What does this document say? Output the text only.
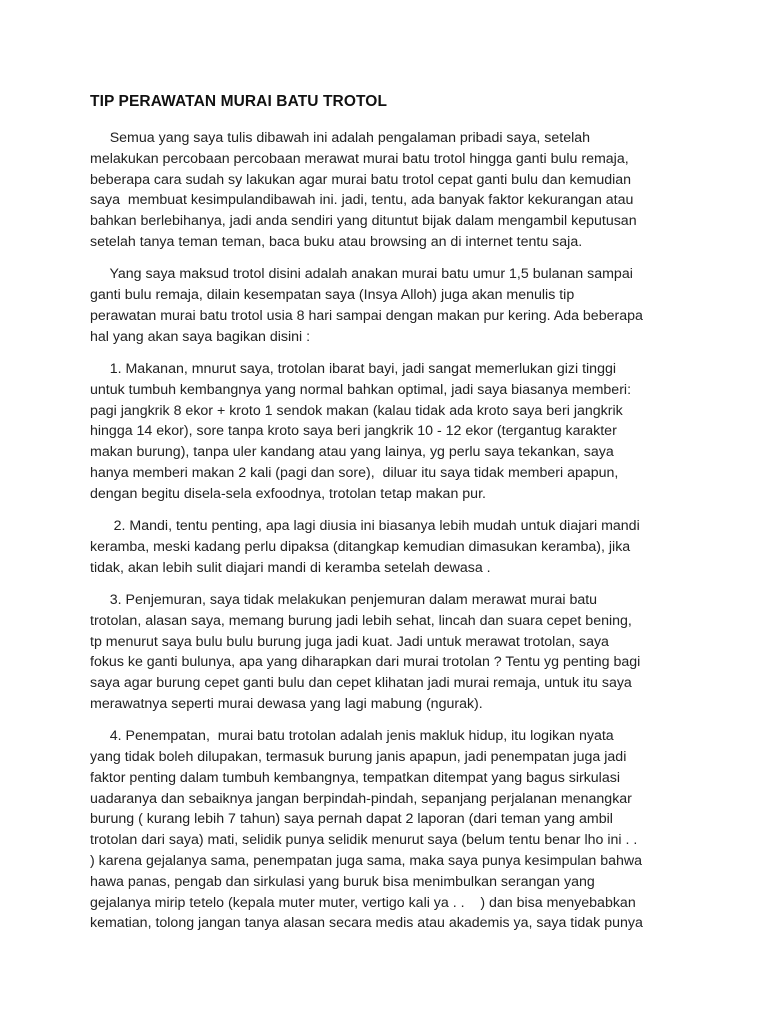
TIP PERAWATAN MURAI BATU TROTOL
Semua yang saya tulis dibawah ini adalah pengalaman pribadi saya, setelah
melakukan percobaan percobaan merawat murai batu trotol hingga ganti bulu remaja,
beberapa cara sudah sy lakukan agar murai batu trotol cepat ganti bulu dan kemudian
saya  membuat kesimpulandibawah ini. jadi, tentu, ada banyak faktor kekurangan atau
bahkan berlebihanya, jadi anda sendiri yang dituntut bijak dalam mengambil keputusan
setelah tanya teman teman, baca buku atau browsing an di internet tentu saja.
Yang saya maksud trotol disini adalah anakan murai batu umur 1,5 bulanan sampai
ganti bulu remaja, dilain kesempatan saya (Insya Alloh) juga akan menulis tip
perawatan murai batu trotol usia 8 hari sampai dengan makan pur kering. Ada beberapa
hal yang akan saya bagikan disini :
1. Makanan, mnurut saya, trotolan ibarat bayi, jadi sangat memerlukan gizi tinggi
untuk tumbuh kembangnya yang normal bahkan optimal, jadi saya biasanya memberi:
pagi jangkrik 8 ekor + kroto 1 sendok makan (kalau tidak ada kroto saya beri jangkrik
hingga 14 ekor), sore tanpa kroto saya beri jangkrik 10 - 12 ekor (tergantug karakter
makan burung), tanpa uler kandang atau yang lainya, yg perlu saya tekankan, saya
hanya memberi makan 2 kali (pagi dan sore),  diluar itu saya tidak memberi apapun,
dengan begitu disela-sela exfoodnya, trotolan tetap makan pur.
2. Mandi, tentu penting, apa lagi diusia ini biasanya lebih mudah untuk diajari mandi
keramba, meski kadang perlu dipaksa (ditangkap kemudian dimasukan keramba), jika
tidak, akan lebih sulit diajari mandi di keramba setelah dewasa .
3. Penjemuran, saya tidak melakukan penjemuran dalam merawat murai batu
trotolan, alasan saya, memang burung jadi lebih sehat, lincah dan suara cepet bening,
tp menurut saya bulu bulu burung juga jadi kuat. Jadi untuk merawat trotolan, saya
fokus ke ganti bulunya, apa yang diharapkan dari murai trotolan ? Tentu yg penting bagi
saya agar burung cepet ganti bulu dan cepet klihatan jadi murai remaja, untuk itu saya
merawatnya seperti murai dewasa yang lagi mabung (ngurak).
4. Penempatan,  murai batu trotolan adalah jenis makluk hidup, itu logikan nyata
yang tidak boleh dilupakan, termasuk burung janis apapun, jadi penempatan juga jadi
faktor penting dalam tumbuh kembangnya, tempatkan ditempat yang bagus sirkulasi
uadaranya dan sebaiknya jangan berpindah-pindah, sepanjang perjalanan menangkar
burung ( kurang lebih 7 tahun) saya pernah dapat 2 laporan (dari teman yang ambil
trotolan dari saya) mati, selidik punya selidik menurut saya (belum tentu benar lho ini . .
) karena gejalanya sama, penempatan juga sama, maka saya punya kesimpulan bahwa
hawa panas, pengab dan sirkulasi yang buruk bisa menimbulkan serangan yang
gejalanya mirip tetelo (kepala muter muter, vertigo kali ya . .    ) dan bisa menyebabkan
kematian, tolong jangan tanya alasan secara medis atau akademis ya, saya tidak punya
